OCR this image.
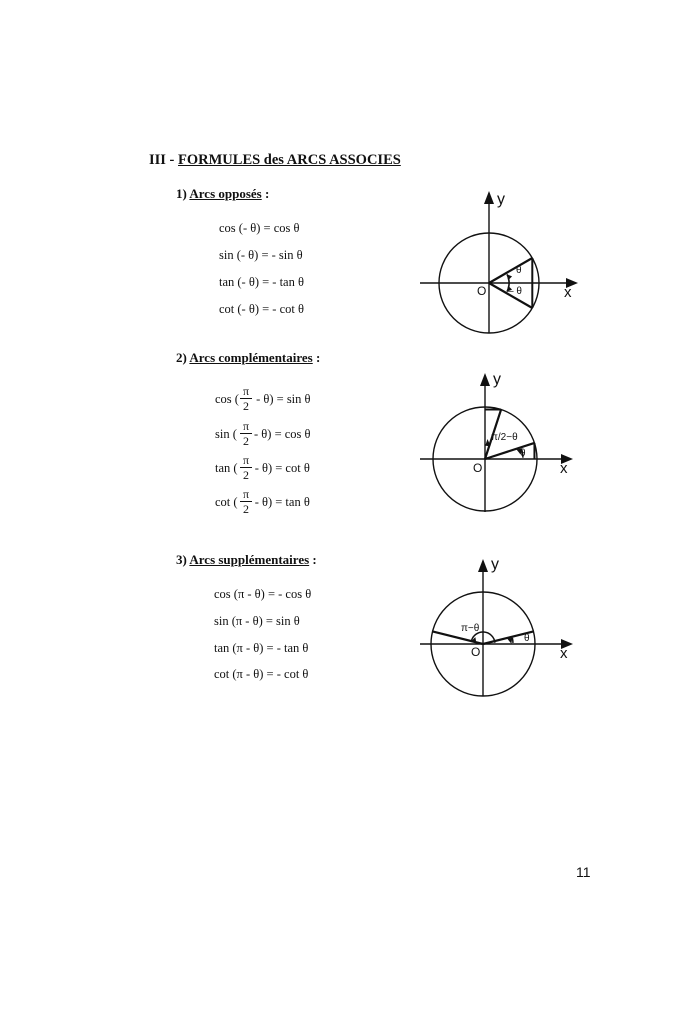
III - FORMULES des ARCS ASSOCIES
1) Arcs opposés :
cos (- θ) = cos θ
sin (- θ) = - sin θ
tan (- θ) = - tan θ
cot (- θ) = - cot θ
y
x
O
θ
– θ
2) Arcs complémentaires :
cos ( - θ) = sin θ
$\frac{\pi}{2}$
sin ( - θ) = cos θ
$\frac{\pi}{2}$
tan ( - θ) = cot θ
$\frac{\pi}{2}$
cot ( - θ) = tan θ
$\frac{\pi}{2}$
y
x
O
π/2−θ
θ
3) Arcs supplémentaires :
cos (π - θ) = - cos θ
sin (π - θ) = sin θ
tan (π - θ) = - tan θ
cot (π - θ) = - cot θ
y
x
O
π−θ
θ
11
